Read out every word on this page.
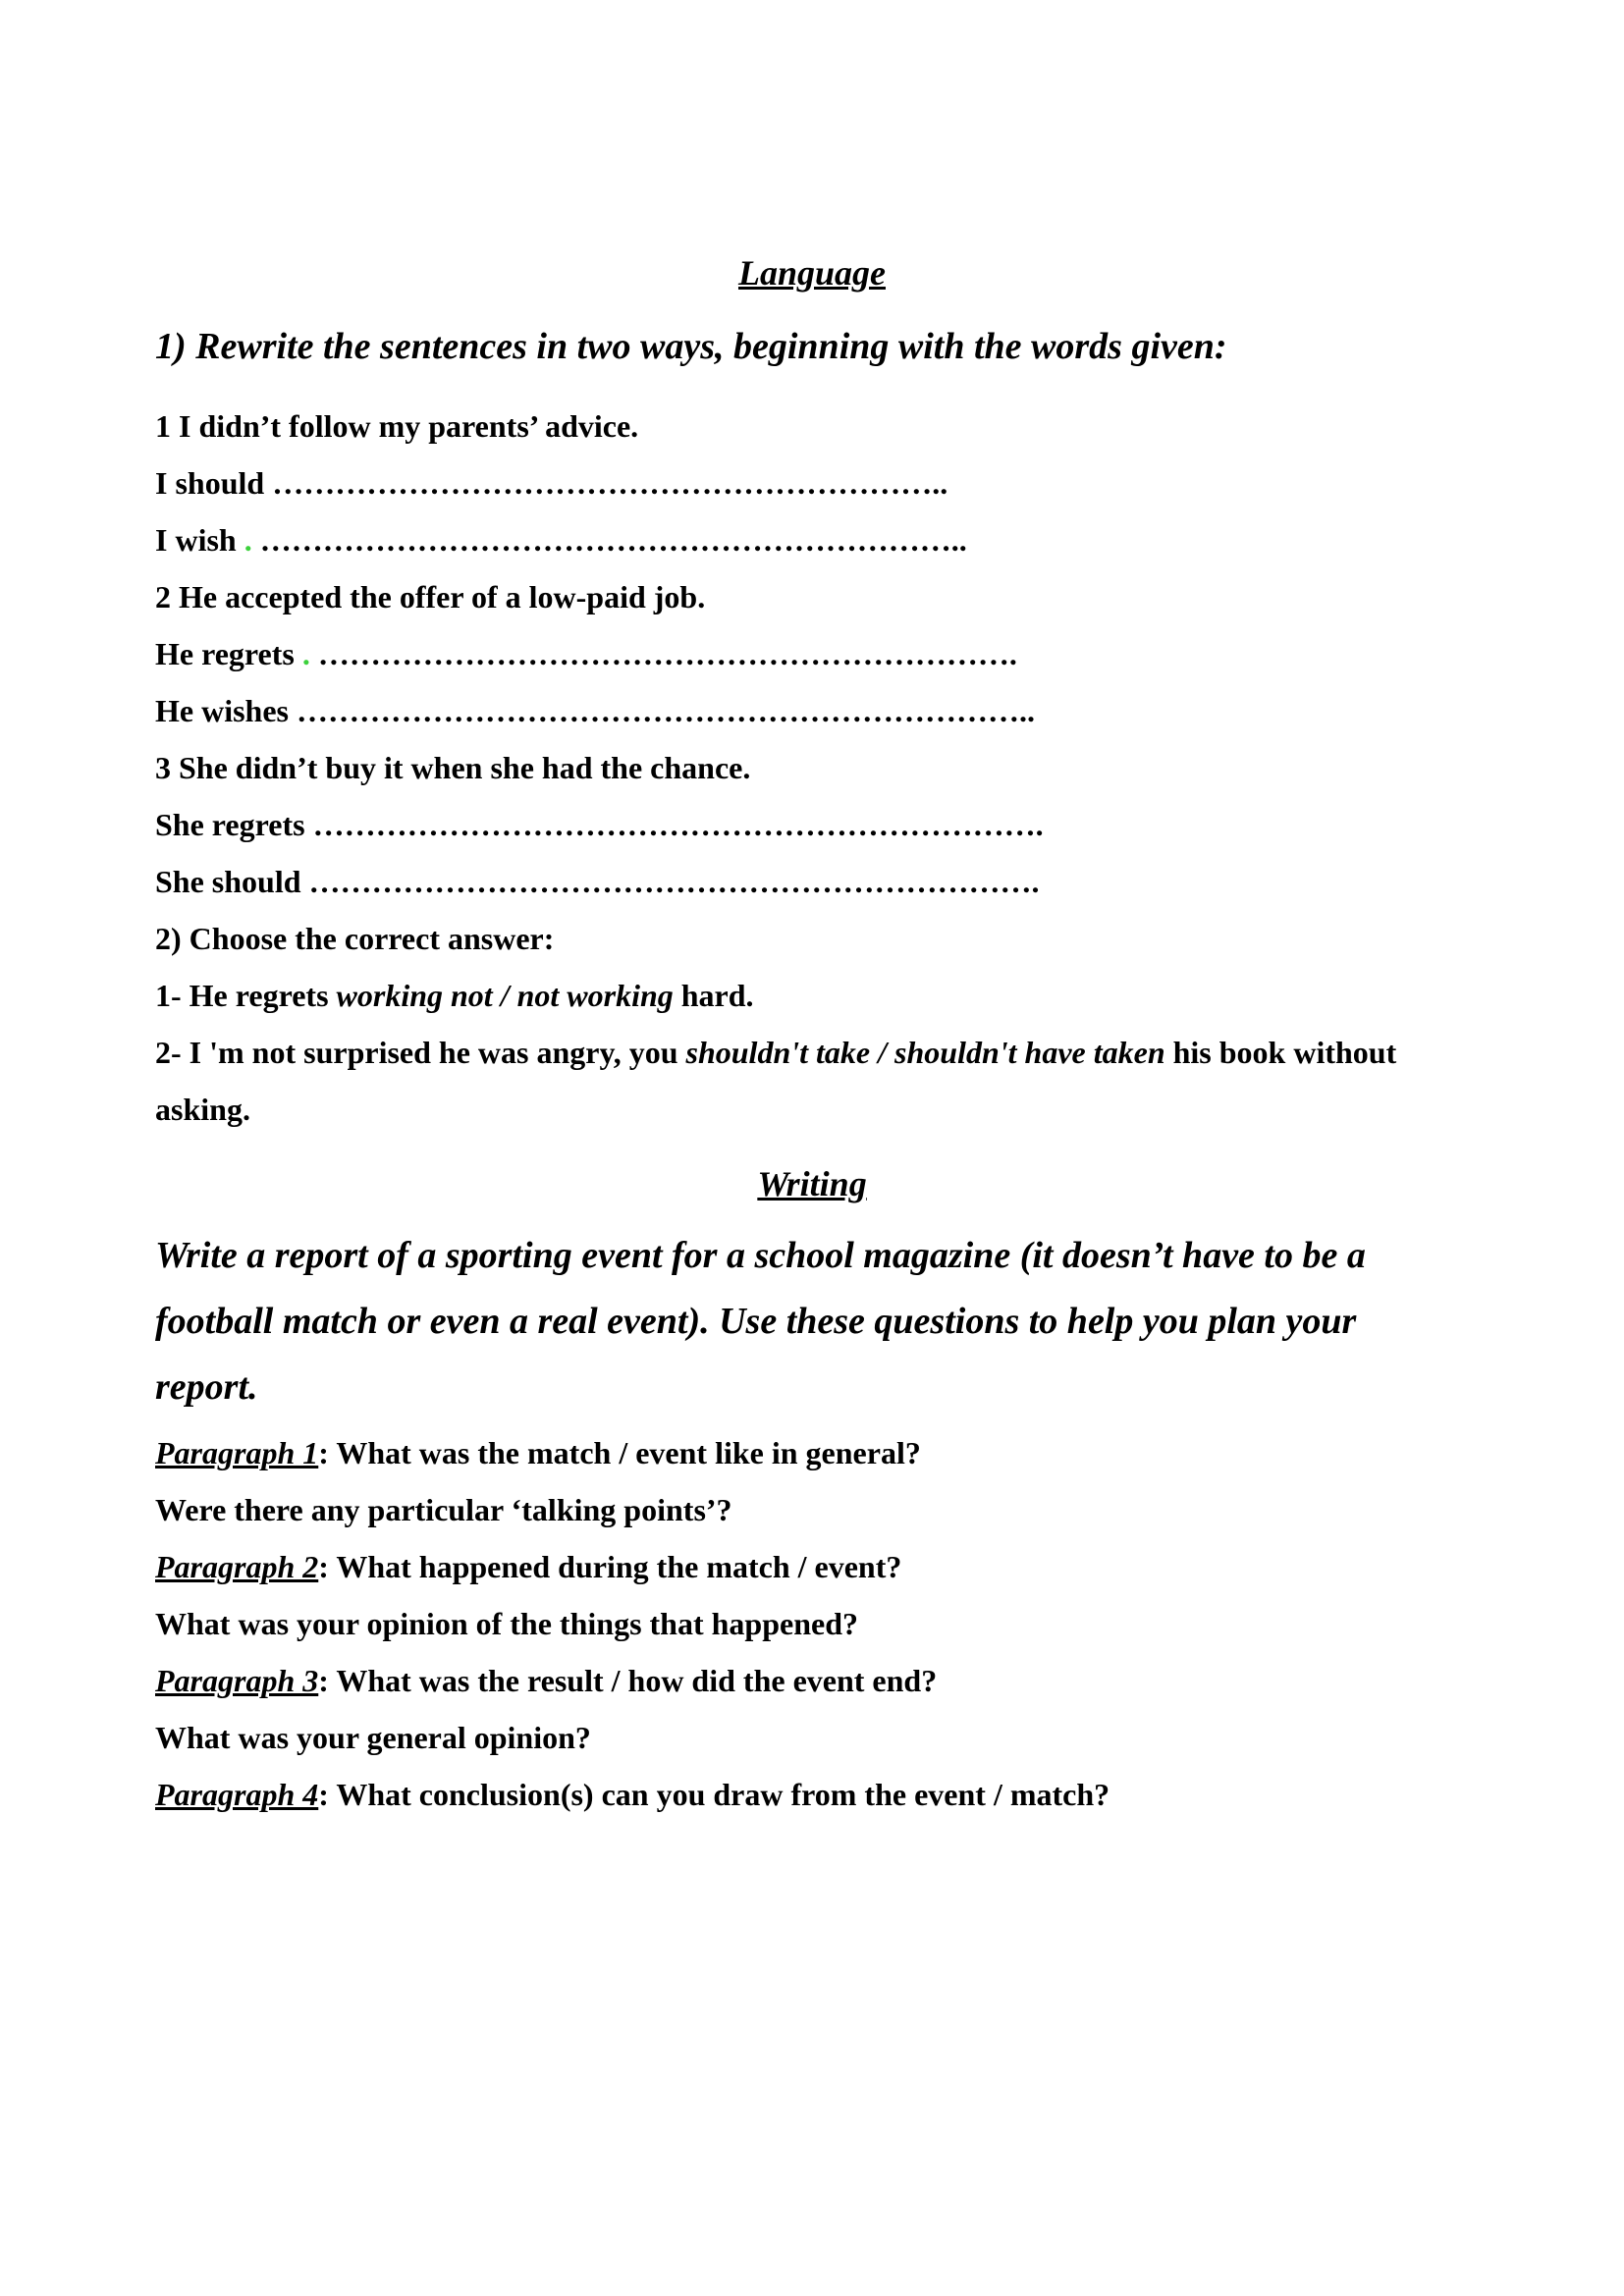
Language
1) Rewrite the sentences in two ways, beginning with the words given:
1 I didn’t follow my parents’ advice.
I should ………………………………………………………..
I wish . …………………………………………………………..
2 He accepted the offer of a low-paid job.
He regrets . ………………………………………………………….
He wishes ……………………………………………………………..
3 She didn’t buy it when she had the chance.
She regrets …………………………………………………………….
She should …………………………………………………………….
2) Choose the correct answer:
1- He regrets working not / not working hard.
2- I 'm not surprised he was angry, you shouldn't take / shouldn't have taken his book without
asking.
Writing
Write a report of a sporting event for a school magazine (it doesn’t have to be a
football match or even a real event). Use these questions to help you plan your
report.
Paragraph 1: What was the match / event like in general?
Were there any particular ‘talking points’?
Paragraph 2: What happened during the match / event?
What was your opinion of the things that happened?
Paragraph 3: What was the result / how did the event end?
What was your general opinion?
Paragraph 4: What conclusion(s) can you draw from the event / match?
